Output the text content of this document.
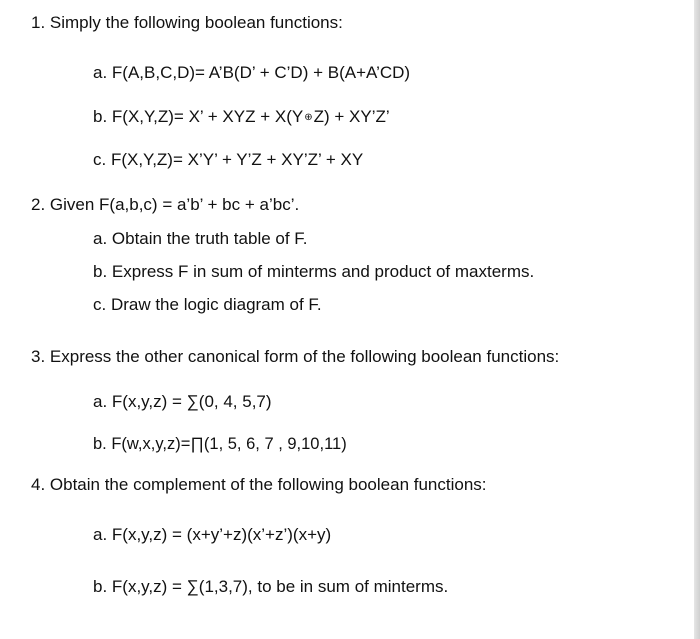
1. Simply the following boolean functions:
a. F(A,B,C,D)= A’B(D’ + C’D) + B(A+A’CD)
b. F(X,Y,Z)= X’ + XYZ + X(Y⊕Z) + XY’Z’
c. F(X,Y,Z)= X’Y’ + Y’Z + XY’Z’ + XY
2. Given F(a,b,c) = a’b’ + bc + a’bc’.
a. Obtain the truth table of F.
b. Express F in sum of minterms and product of maxterms.
c. Draw the logic diagram of F.
3. Express the other canonical form of the following boolean functions:
a. F(x,y,z) = ∑(0, 4, 5,7)
b. F(w,x,y,z)=∏(1, 5, 6, 7 , 9,10,11)
4. Obtain the complement of the following boolean functions:
a. F(x,y,z) = (x+y’+z)(x’+z’)(x+y)
b. F(x,y,z) = ∑(1,3,7), to be in sum of minterms.
